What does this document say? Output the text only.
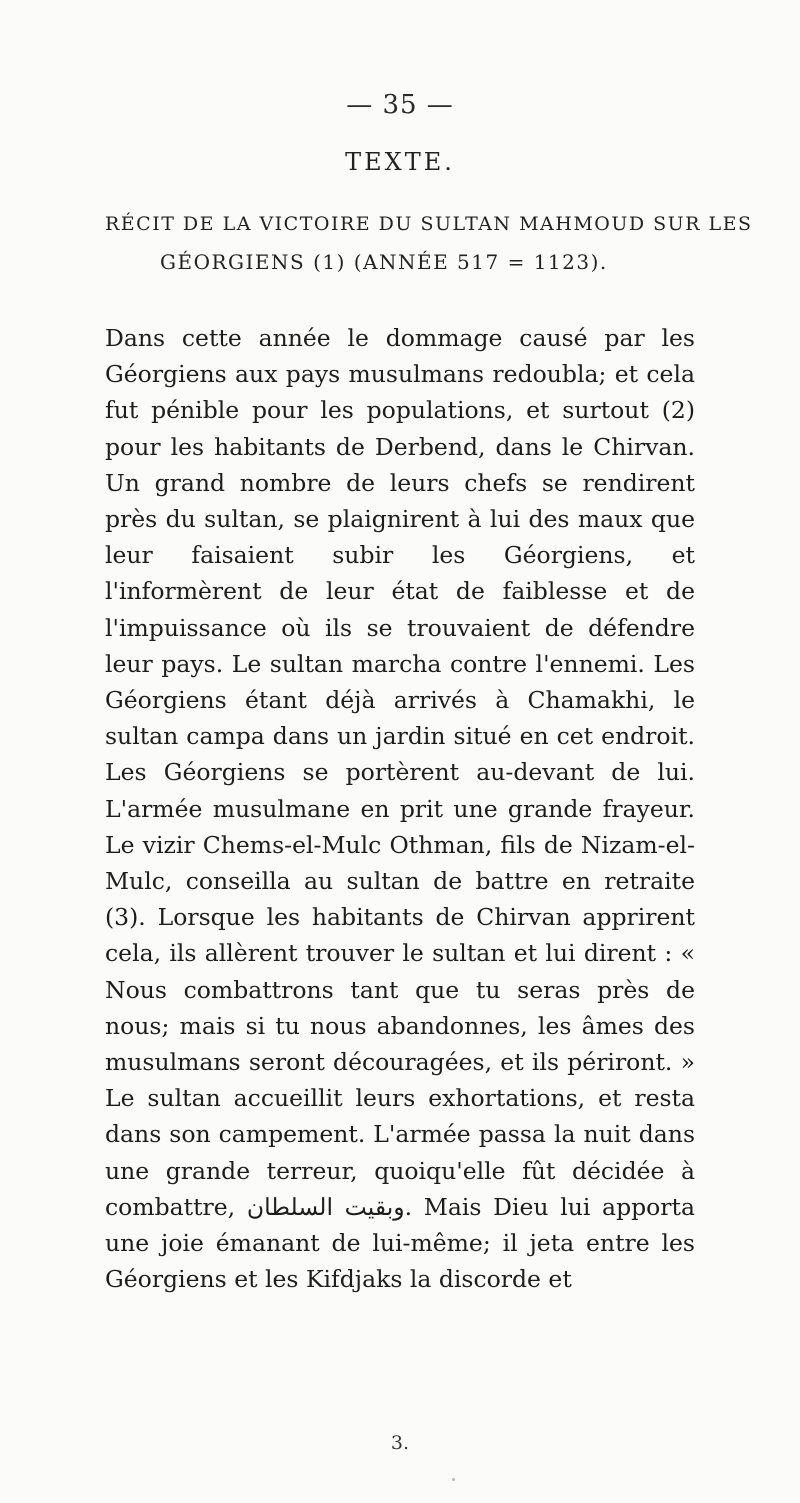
— 35 —
TEXTE.
RÉCIT DE LA VICTOIRE DU SULTAN MAHMOUD SUR LES
GÉORGIENS (1) (ANNÉE 517 = 1123).

Dans cette année le dommage causé par les Géorgiens aux pays musulmans redoubla; et cela fut pénible pour les populations, et surtout (2) pour les habitants de Derbend, dans le Chirvan. Un grand nombre de leurs chefs se rendirent près du sultan, se plaignirent à lui des maux que leur faisaient subir les Géorgiens, et l'informèrent de leur état de faiblesse et de l'impuissance où ils se trouvaient de défendre leur pays. Le sultan marcha contre l'ennemi. Les Géorgiens étant déjà arrivés à Chamakhi, le sultan campa dans un jardin situé en cet endroit. Les Géorgiens se portèrent au-devant de lui. L'armée musulmane en prit une grande frayeur. Le vizir Chems-el-Mulc Othman, fils de Nizam-el-Mulc, conseilla au sultan de battre en retraite (3). Lorsque les habitants de Chirvan apprirent cela, ils allèrent trouver le sultan et lui dirent : « Nous combattrons tant que tu seras près de nous; mais si tu nous abandonnes, les âmes des musulmans seront découragées, et ils périront. » Le sultan accueillit leurs exhortations, et resta dans son campement. L'armée passa la nuit dans une grande terreur, quoiqu'elle fût décidée à combattre, وبقيت السلطان. Mais Dieu lui apporta une joie émanant de lui-même; il jeta entre les Géorgiens et les Kifdjaks la discorde et

3.
